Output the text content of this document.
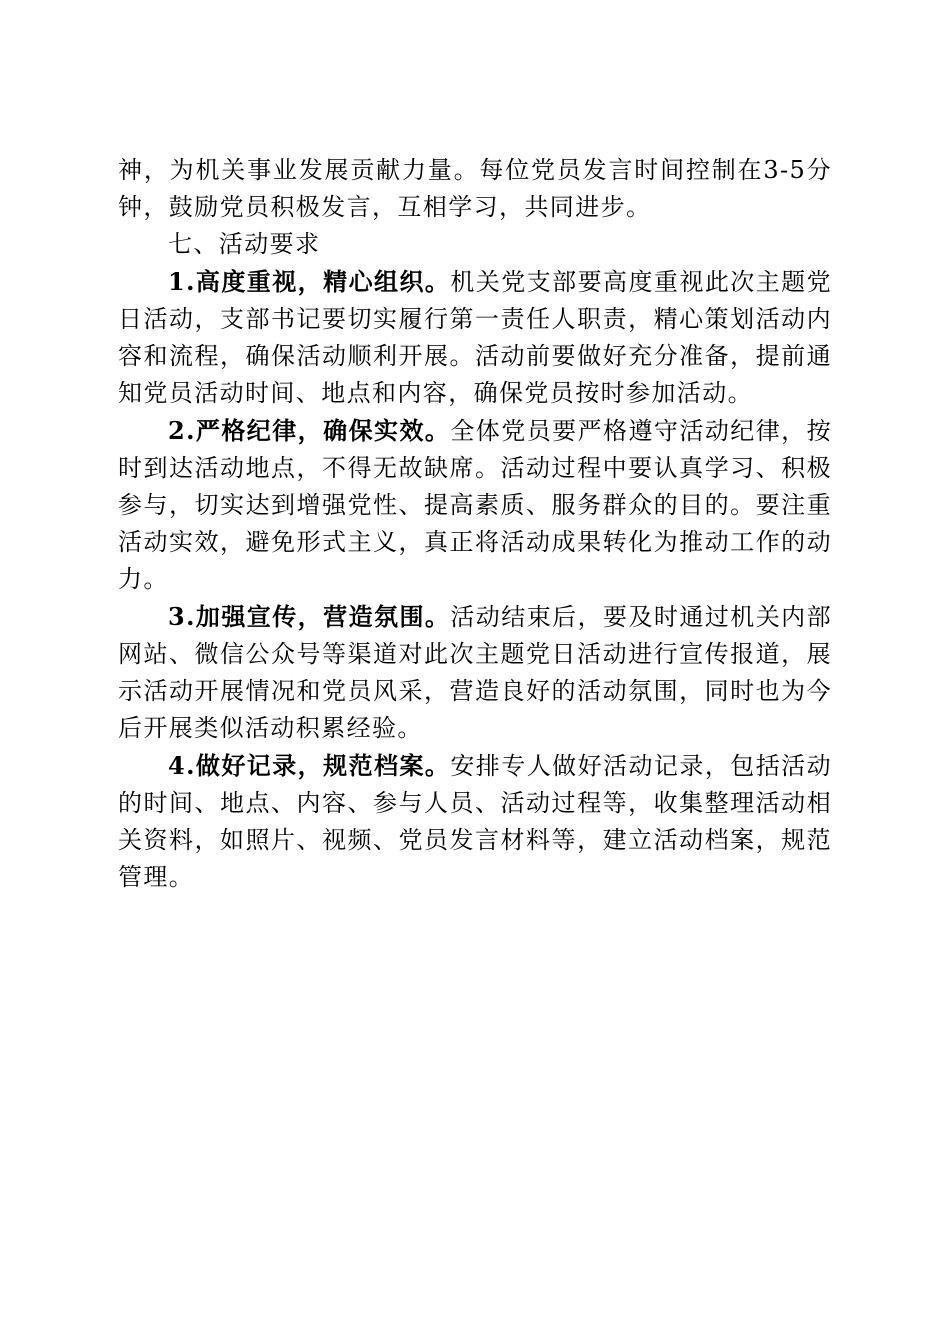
神，为机关事业发展贡献力量。每位党员发言时间控制在3-5分钟，鼓励党员积极发言，互相学习，共同进步。

七、活动要求

1.高度重视，精心组织。机关党支部要高度重视此次主题党日活动，支部书记要切实履行第一责任人职责，精心策划活动内容和流程，确保活动顺利开展。活动前要做好充分准备，提前通知党员活动时间、地点和内容，确保党员按时参加活动。

2.严格纪律，确保实效。全体党员要严格遵守活动纪律，按时到达活动地点，不得无故缺席。活动过程中要认真学习、积极参与，切实达到增强党性、提高素质、服务群众的目的。要注重活动实效，避免形式主义，真正将活动成果转化为推动工作的动力。

3.加强宣传，营造氛围。活动结束后，要及时通过机关内部网站、微信公众号等渠道对此次主题党日活动进行宣传报道，展示活动开展情况和党员风采，营造良好的活动氛围，同时也为今后开展类似活动积累经验。

4.做好记录，规范档案。安排专人做好活动记录，包括活动的时间、地点、内容、参与人员、活动过程等，收集整理活动相关资料，如照片、视频、党员发言材料等，建立活动档案，规范管理。
